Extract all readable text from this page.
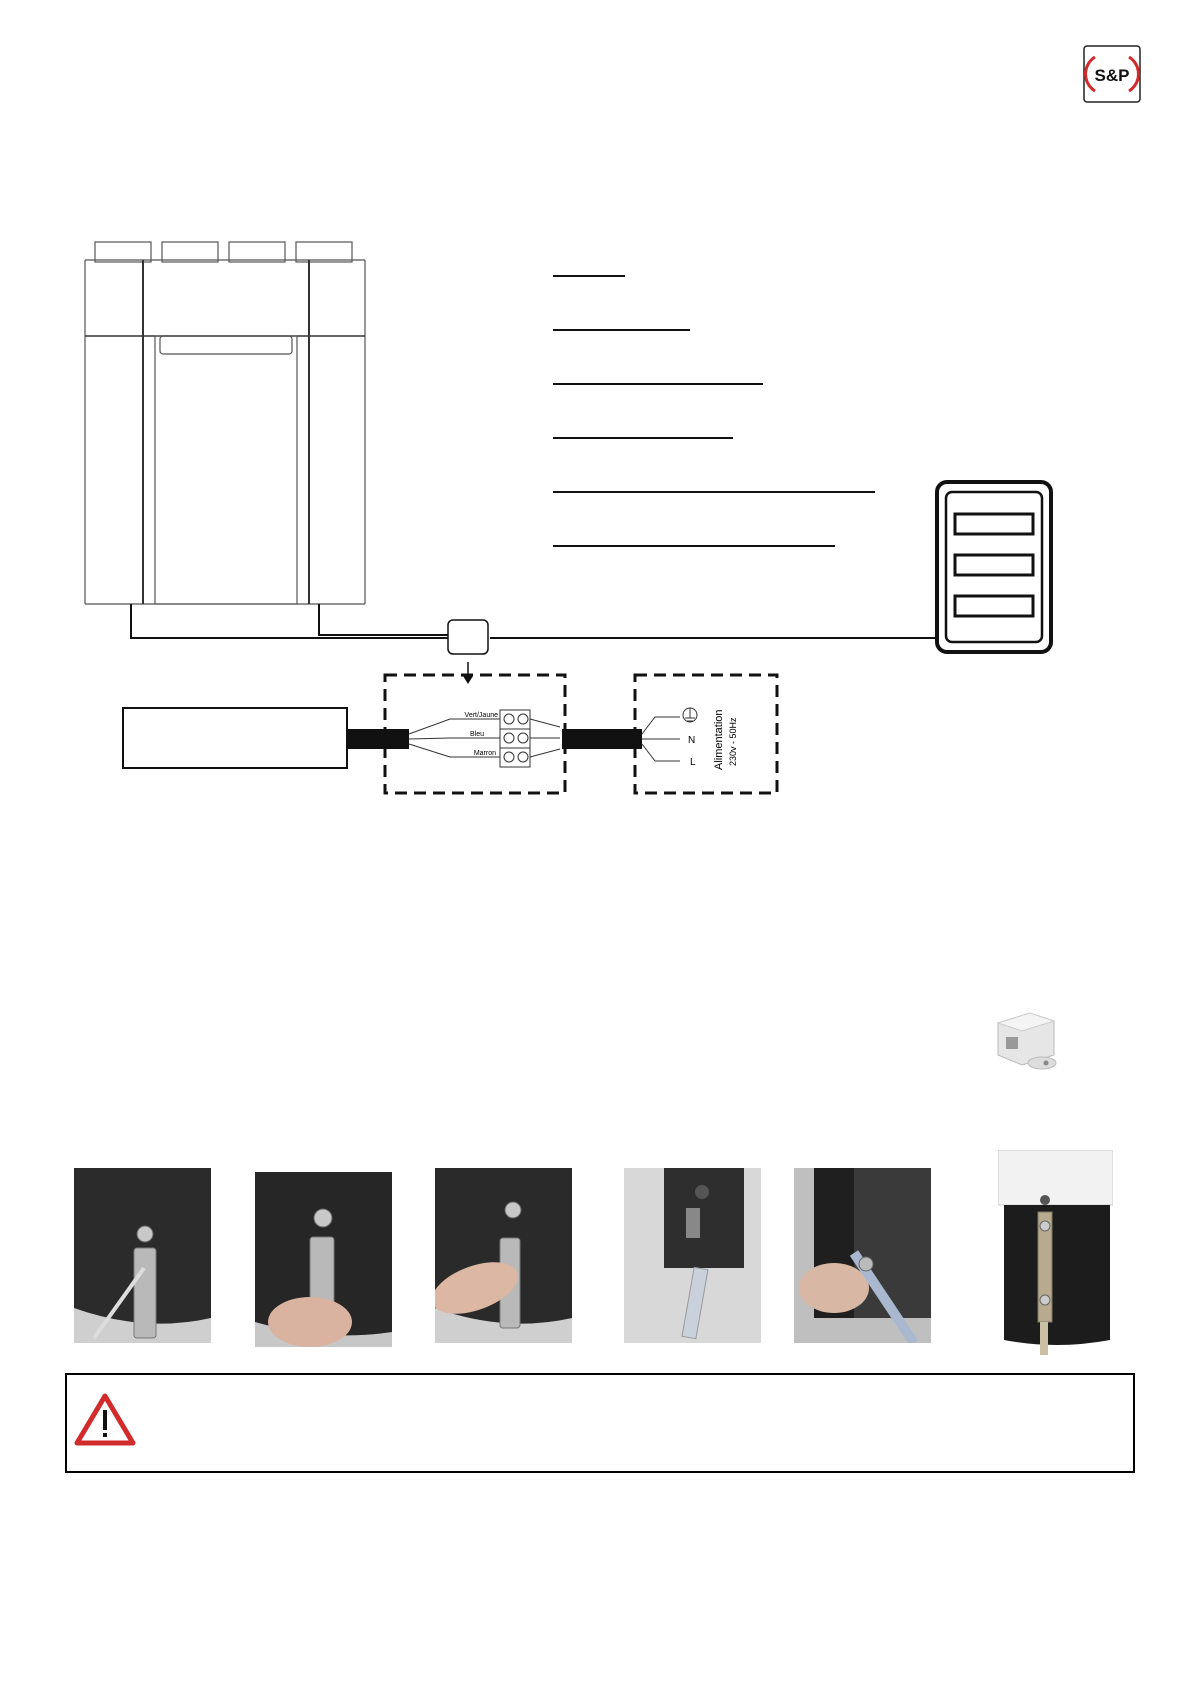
S&P
Vert/Jaune
Bleu
Marron
N
L Alimentation 230v - 50Hz
